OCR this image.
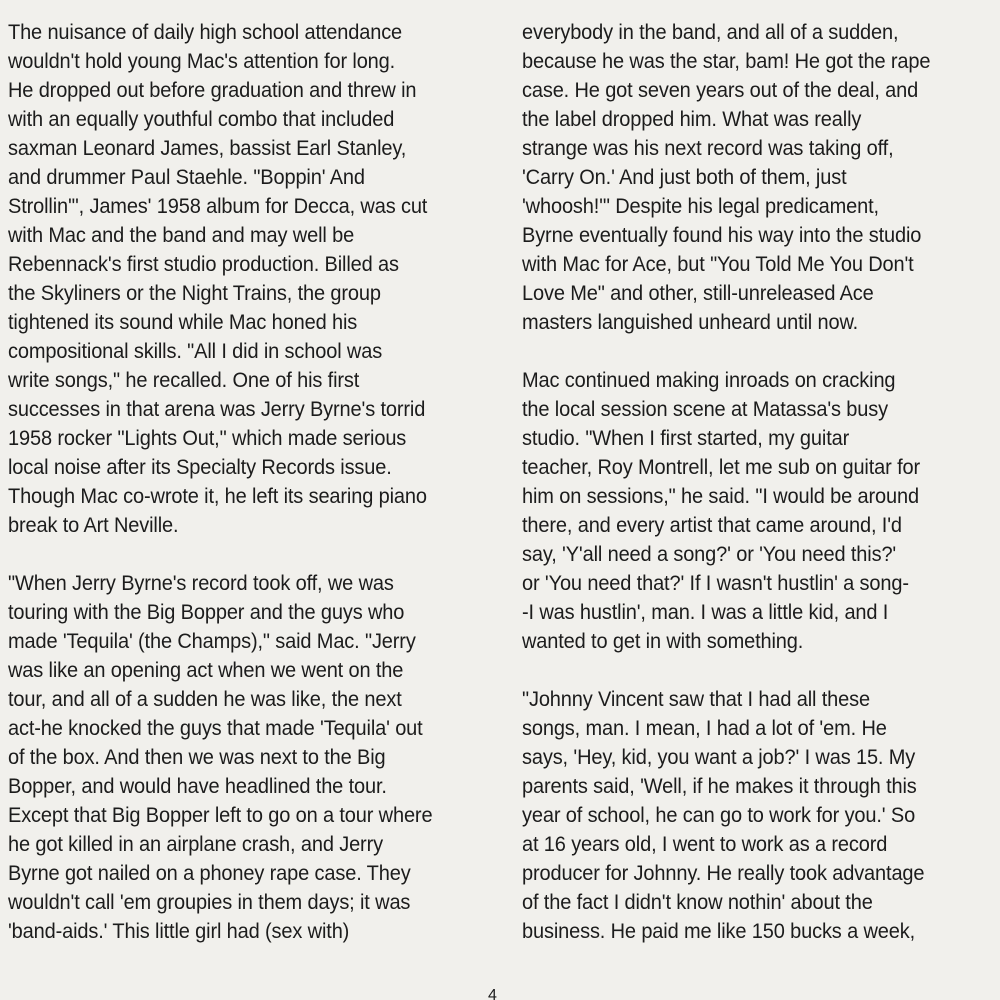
The nuisance of daily high school attendance
wouldn't hold young Mac's attention for long.
He dropped out before graduation and threw in
with an equally youthful combo that included
saxman Leonard James, bassist Earl Stanley,
and drummer Paul Staehle. "Boppin' And
Strollin'", James' 1958 album for Decca, was cut
with Mac and the band and may well be
Rebennack's first studio production. Billed as
the Skyliners or the Night Trains, the group
tightened its sound while Mac honed his
compositional skills. "All I did in school was
write songs," he recalled. One of his first
successes in that arena was Jerry Byrne's torrid
1958 rocker "Lights Out," which made serious
local noise after its Specialty Records issue.
Though Mac co-wrote it, he left its searing piano
break to Art Neville.
"When Jerry Byrne's record took off, we was
touring with the Big Bopper and the guys who
made 'Tequila' (the Champs)," said Mac. "Jerry
was like an opening act when we went on the
tour, and all of a sudden he was like, the next
act-he knocked the guys that made 'Tequila' out
of the box. And then we was next to the Big
Bopper, and would have headlined the tour.
Except that Big Bopper left to go on a tour where
he got killed in an airplane crash, and Jerry
Byrne got nailed on a phoney rape case. They
wouldn't call 'em groupies in them days; it was
'band-aids.' This little girl had (sex with)
everybody in the band, and all of a sudden,
because he was the star, bam! He got the rape
case. He got seven years out of the deal, and
the label dropped him. What was really
strange was his next record was taking off,
'Carry On.' And just both of them, just
'whoosh!'" Despite his legal predicament,
Byrne eventually found his way into the studio
with Mac for Ace, but "You Told Me You Don't
Love Me" and other, still-unreleased Ace
masters languished unheard until now.
Mac continued making inroads on cracking
the local session scene at Matassa's busy
studio. "When I first started, my guitar
teacher, Roy Montrell, let me sub on guitar for
him on sessions," he said. "I would be around
there, and every artist that came around, I'd
say, 'Y'all need a song?' or 'You need this?'
or 'You need that?' If I wasn't hustlin' a song-
-I was hustlin', man. I was a little kid, and I
wanted to get in with something.
"Johnny Vincent saw that I had all these
songs, man. I mean, I had a lot of 'em. He
says, 'Hey, kid, you want a job?' I was 15. My
parents said, 'Well, if he makes it through this
year of school, he can go to work for you.' So
at 16 years old, I went to work as a record
producer for Johnny. He really took advantage
of the fact I didn't know nothin' about the
business. He paid me like 150 bucks a week,
4
